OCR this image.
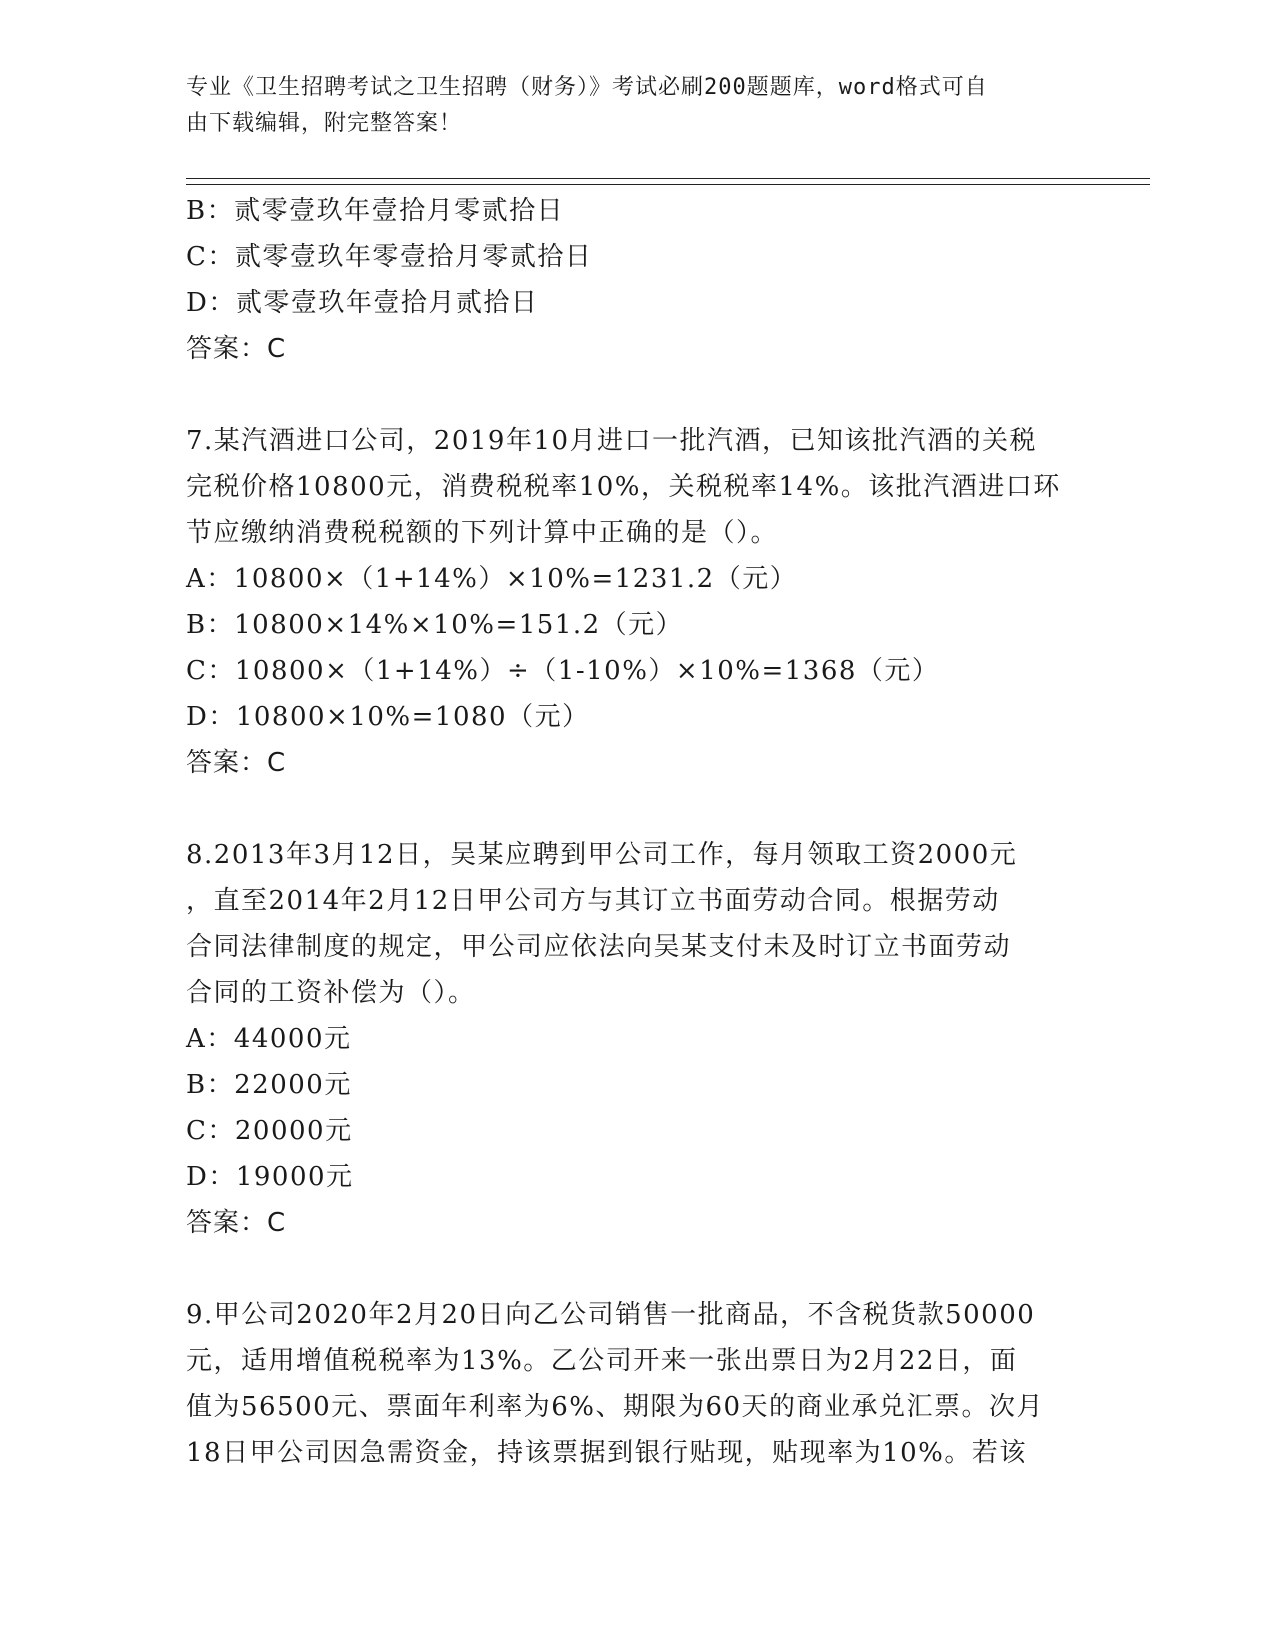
专业《卫生招聘考试之卫生招聘（财务）》考试必刷200题题库，word格式可自
由下载编辑，附完整答案！
B：贰零壹玖年壹拾月零贰拾日
C：贰零壹玖年零壹拾月零贰拾日
D：贰零壹玖年壹拾月贰拾日
答案：C
7.某汽酒进口公司，2019年10月进口一批汽酒，已知该批汽酒的关税
完税价格10800元，消费税税率10%，关税税率14%。该批汽酒进口环
节应缴纳消费税税额的下列计算中正确的是（）。
A：10800×（1+14%）×10%=1231.2（元）
B：10800×14%×10%=151.2（元）
C：10800×（1+14%）÷（1-10%）×10%=1368（元）
D：10800×10%=1080（元）
答案：C
8.2013年3月12日，吴某应聘到甲公司工作，每月领取工资2000元
，直至2014年2月12日甲公司方与其订立书面劳动合同。根据劳动
合同法律制度的规定，甲公司应依法向吴某支付未及时订立书面劳动
合同的工资补偿为（）。
A：44000元
B：22000元
C：20000元
D：19000元
答案：C
9.甲公司2020年2月20日向乙公司销售一批商品，不含税货款50000
元，适用增值税税率为13%。乙公司开来一张出票日为2月22日，面
值为56500元、票面年利率为6%、期限为60天的商业承兑汇票。次月
18日甲公司因急需资金，持该票据到银行贴现，贴现率为10%。若该
